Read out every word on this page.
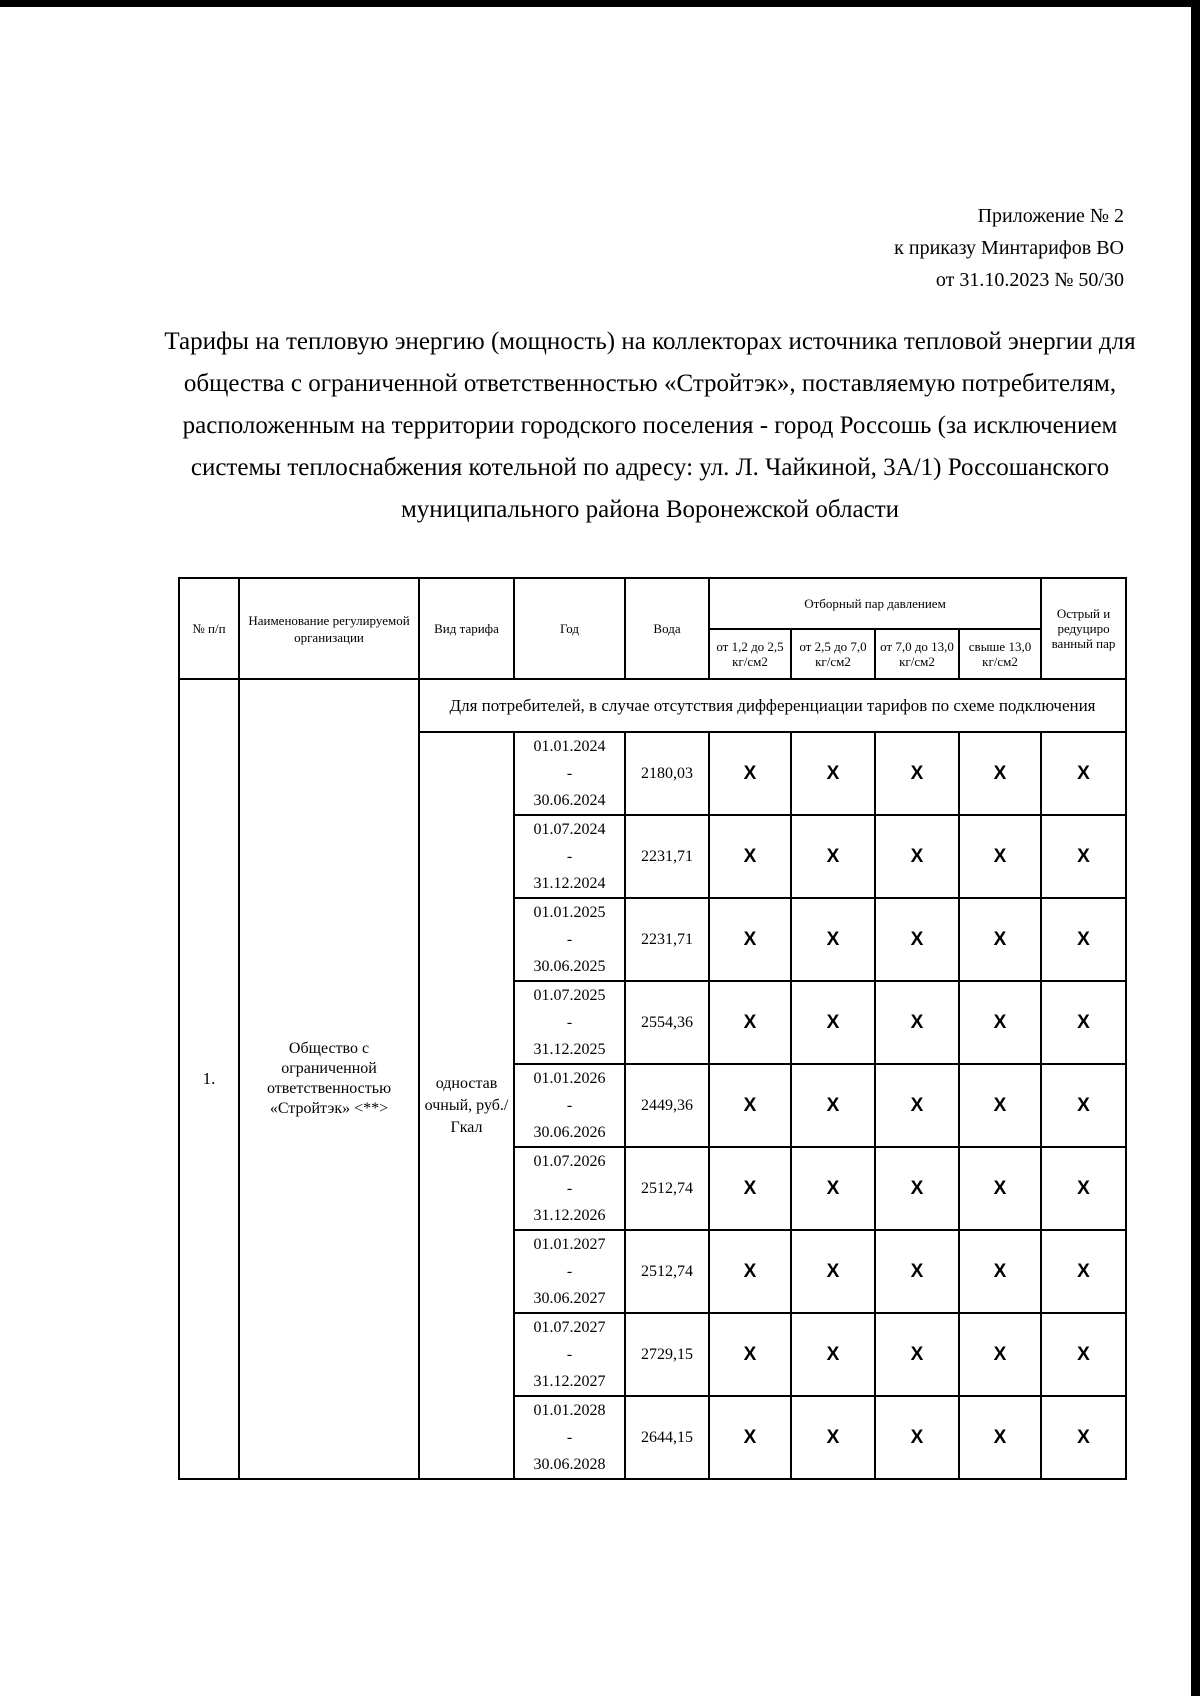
Приложение № 2
к приказу Минтарифов ВО
от 31.10.2023 № 50/30
Тарифы на тепловую энергию (мощность) на коллекторах источника тепловой энергии для общества с ограниченной ответственностью «Стройтэк», поставляемую потребителям, расположенным на территории городского поселения - город Россошь (за исключением системы теплоснабжения котельной по адресу: ул. Л. Чайкиной, 3А/1) Россошанского муниципального района Воронежской области
№ п/п	Наименование регулируемой организации	Вид тарифа	Год	Вода	Отборный пар давлением				Острый и редуциро ванный пар
					от 1,2 до 2,5 кг/см2	от 2,5 до 7,0 кг/см2	от 7,0 до 13,0 кг/см2	свыше 13,0 кг/см2	
1.	Общество с ограниченной ответственностью «Стройтэк» <**>	Для потребителей, в случае отсутствия дифференциации тарифов по схеме подключения							
		одностав очный, руб./Гкал	01.01.2024
-
30.06.2024	2180,03	X	X	X	X	X

			01.07.2024
-
31.12.2024	2231,71	X	X	X	X	X

			01.01.2025
-
30.06.2025	2231,71	X	X	X	X	X

			01.07.2025
-
31.12.2025	2554,36	X	X	X	X	X

			01.01.2026
-
30.06.2026	2449,36	X	X	X	X	X

			01.07.2026
-
31.12.2026	2512,74	X	X	X	X	X

			01.01.2027
-
30.06.2027	2512,74	X	X	X	X	X

			01.07.2027
-
31.12.2027	2729,15	X	X	X	X	X

			01.01.2028
-
30.06.2028	2644,15	X	X	X	X	X
